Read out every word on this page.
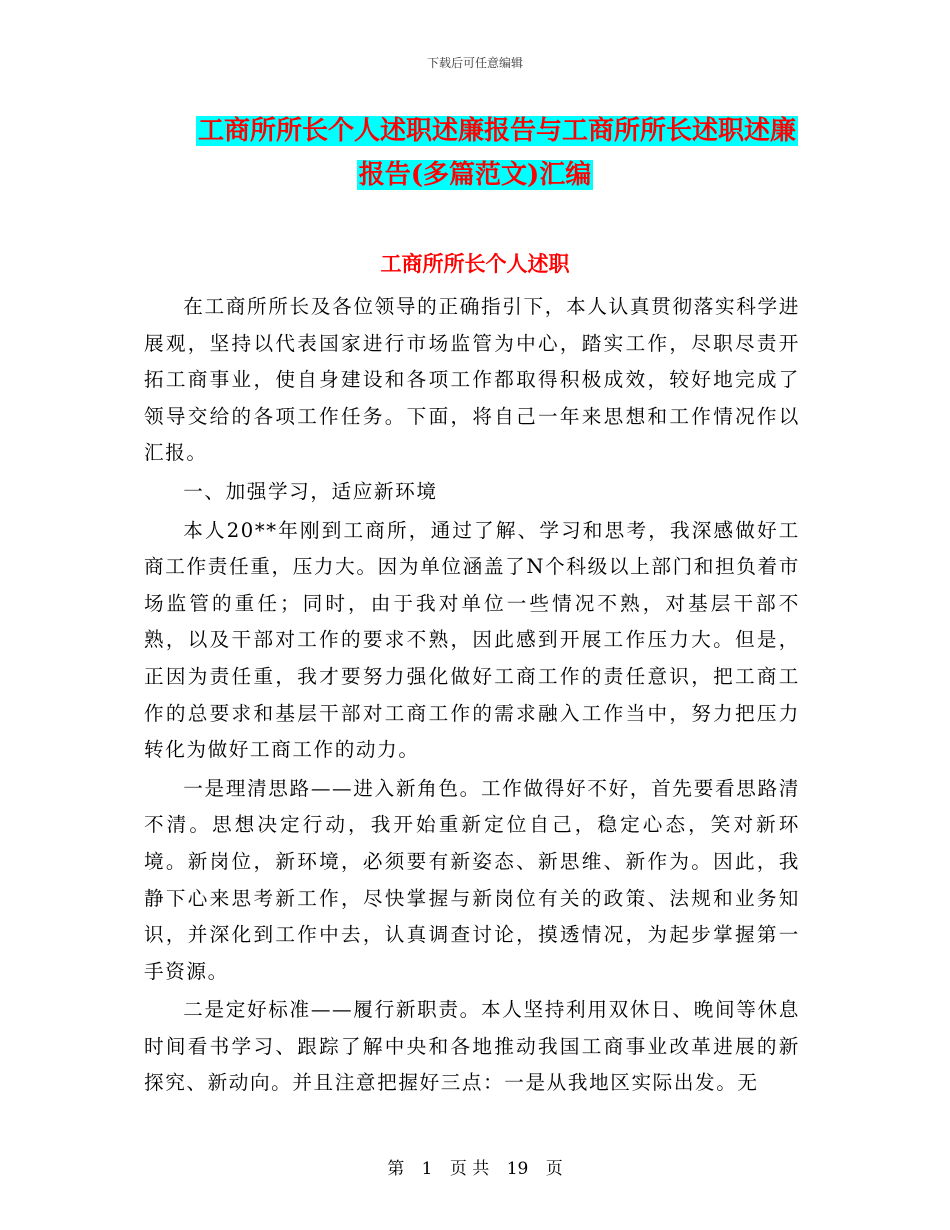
下载后可任意编辑
工商所所长个人述职述廉报告与工商所所长述职述廉
报告(多篇范文)汇编
工商所所长个人述职

在工商所所长及各位领导的正确指引下，本人认真贯彻落实科学进展观，坚持以代表国家进行市场监管为中心，踏实工作，尽职尽责开拓工商事业，使自身建设和各项工作都取得积极成效，较好地完成了领导交给的各项工作任务。下面，将自己一年来思想和工作情况作以汇报。

一、加强学习，适应新环境

本人20**年刚到工商所，通过了解、学习和思考，我深感做好工商工作责任重，压力大。因为单位涵盖了N个科级以上部门和担负着市场监管的重任；同时，由于我对单位一些情况不熟，对基层干部不熟，以及干部对工作的要求不熟，因此感到开展工作压力大。但是，正因为责任重，我才要努力强化做好工商工作的责任意识，把工商工作的总要求和基层干部对工商工作的需求融入工作当中，努力把压力转化为做好工商工作的动力。

一是理清思路——进入新角色。工作做得好不好，首先要看思路清不清。思想决定行动，我开始重新定位自己，稳定心态，笑对新环境。新岗位，新环境，必须要有新姿态、新思维、新作为。因此，我静下心来思考新工作，尽快掌握与新岗位有关的政策、法规和业务知识，并深化到工作中去，认真调查讨论，摸透情况，为起步掌握第一手资源。

二是定好标准——履行新职责。本人坚持利用双休日、晚间等休息时间看书学习、跟踪了解中央和各地推动我国工商事业改革进展的新探究、新动向。并且注意把握好三点：一是从我地区实际出发。无

第 1 页 共 19 页
